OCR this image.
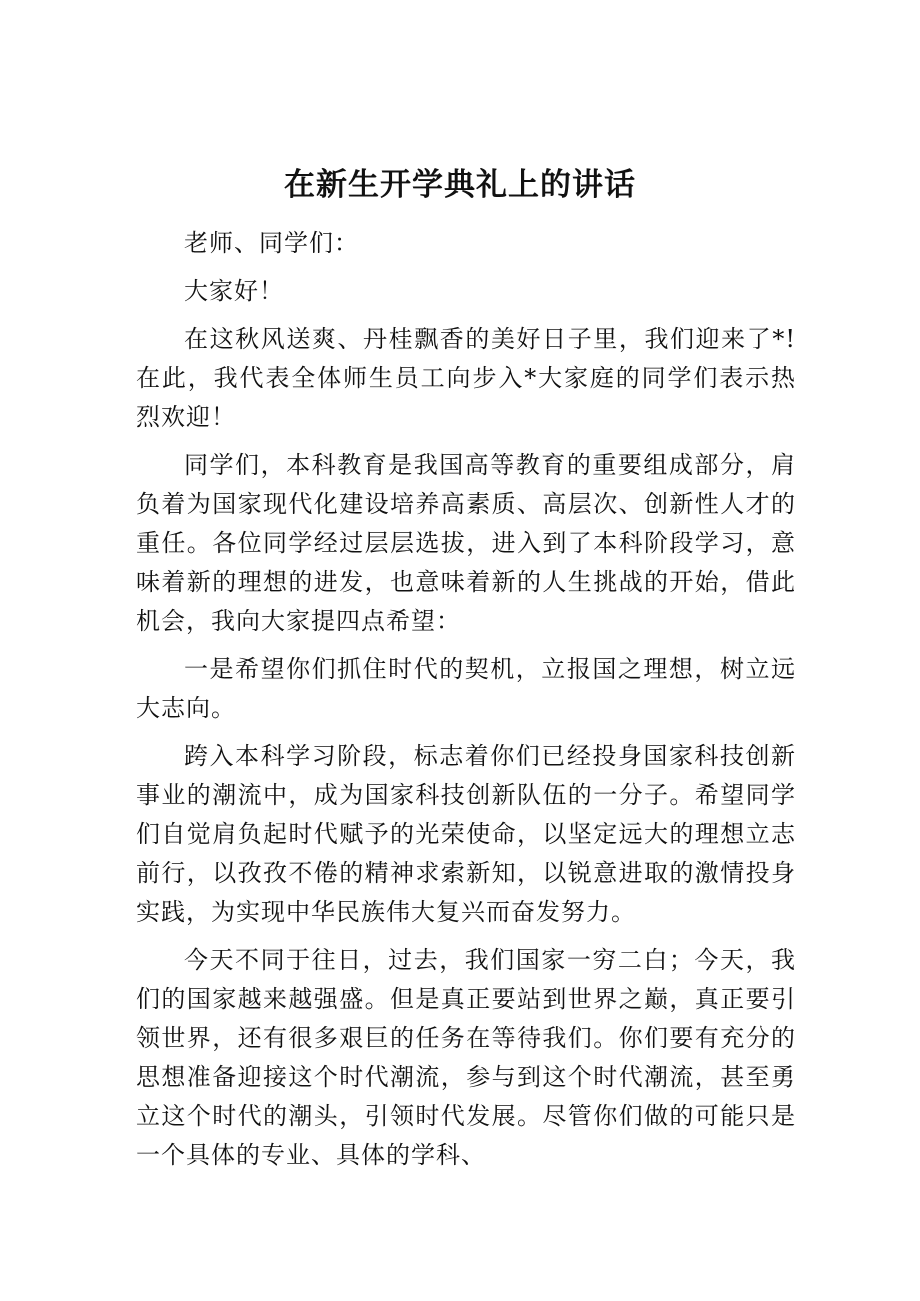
在新生开学典礼上的讲话

老师、同学们：

大家好！

在这秋风送爽、丹桂飘香的美好日子里，我们迎来了*!在此，我代表全体师生员工向步入*大家庭的同学们表示热烈欢迎！

同学们，本科教育是我国高等教育的重要组成部分，肩负着为国家现代化建设培养高素质、高层次、创新性人才的重任。各位同学经过层层选拔，进入到了本科阶段学习，意味着新的理想的进发，也意味着新的人生挑战的开始，借此机会，我向大家提四点希望：

一是希望你们抓住时代的契机，立报国之理想，树立远大志向。

跨入本科学习阶段，标志着你们已经投身国家科技创新事业的潮流中，成为国家科技创新队伍的一分子。希望同学们自觉肩负起时代赋予的光荣使命，以坚定远大的理想立志前行，以孜孜不倦的精神求索新知，以锐意进取的激情投身实践，为实现中华民族伟大复兴而奋发努力。

今天不同于往日，过去，我们国家一穷二白；今天，我们的国家越来越强盛。但是真正要站到世界之巅，真正要引领世界，还有很多艰巨的任务在等待我们。你们要有充分的思想准备迎接这个时代潮流，参与到这个时代潮流，甚至勇立这个时代的潮头，引领时代发展。尽管你们做的可能只是一个具体的专业、具体的学科、
